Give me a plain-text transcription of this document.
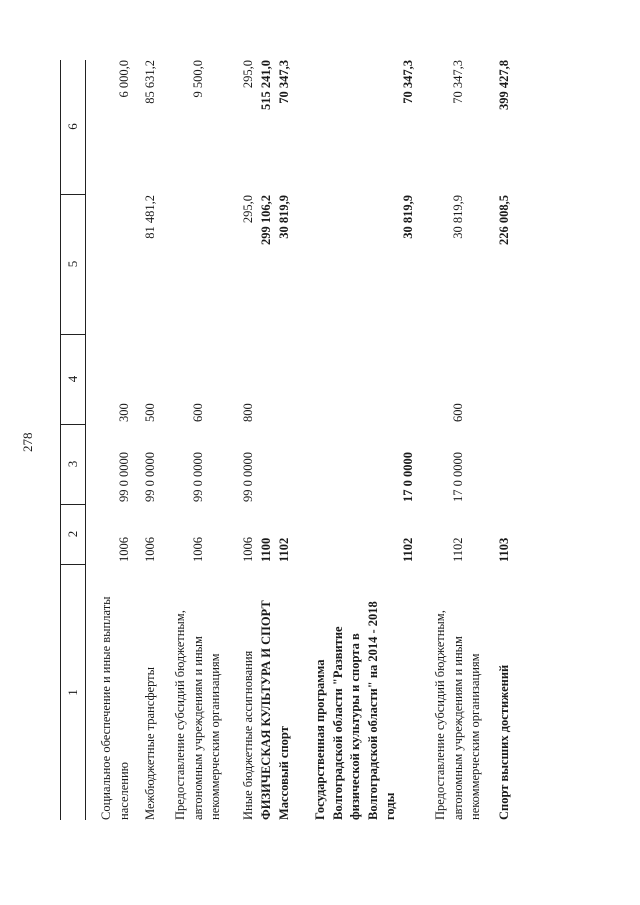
278
1
2
3
4
5
6
Социальное обеспечение и иные выплаты населению
1006
99 0 0000
300
6 000,0
Межбюджетные трансферты
1006
99 0 0000
500
81 481,2
85 631,2
Предоставление субсидий бюджетным, автономным учреждениям и иным некоммерческим организациям
1006
99 0 0000
600
9 500,0
Иные бюджетные ассигнования
1006
99 0 0000
800
295,0
295,0
ФИЗИЧЕСКАЯ КУЛЬТУРА И СПОРТ
1100
299 106,2
515 241,0
Массовый спорт
1102
30 819,9
70 347,3
Государственная программа Волгоградской области "Развитие физической культуры и спорта в Волгоградской области" на 2014 - 2018 годы
1102
17 0 0000
30 819,9
70 347,3
Предоставление субсидий бюджетным, автономным учреждениям и иным некоммерческим организациям
1102
17 0 0000
600
30 819,9
70 347,3
Спорт высших достижений
1103
226 008,5
399 427,8
